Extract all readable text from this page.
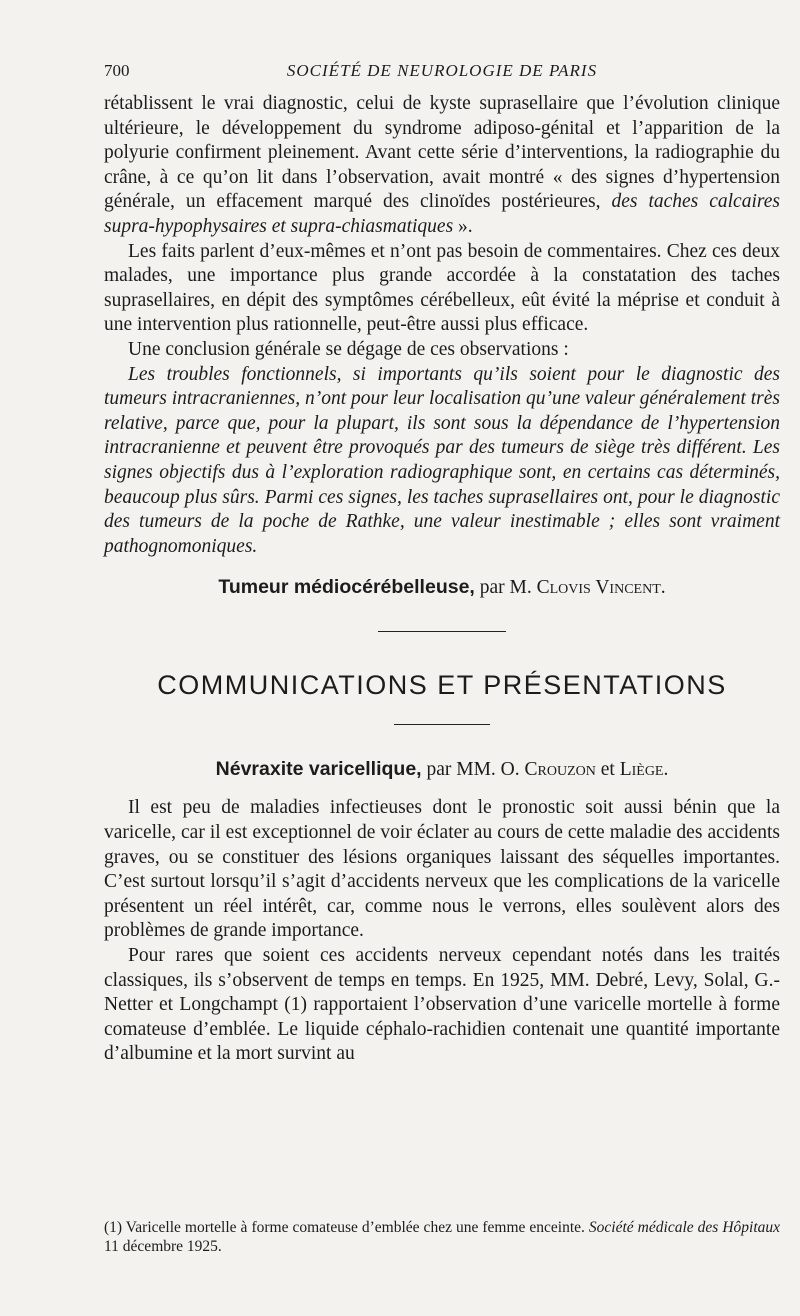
700	SOCIÉTÉ DE NEUROLOGIE DE PARIS

rétablissent le vrai diagnostic, celui de kyste suprasellaire que l’évolution clinique ultérieure, le développement du syndrome adiposo-génital et l’apparition de la polyurie confirment pleinement. Avant cette série d’interventions, la radiographie du crâne, à ce qu’on lit dans l’observation, avait montré « des signes d’hypertension générale, un effacement marqué des clinoïdes postérieures, des taches calcaires supra-hypophysaires et supra-chiasmatiques ».

Les faits parlent d’eux-mêmes et n’ont pas besoin de commentaires. Chez ces deux malades, une importance plus grande accordée à la constatation des taches suprasellaires, en dépit des symptômes cérébelleux, eût évité la méprise et conduit à une intervention plus rationnelle, peut-être aussi plus efficace.

Une conclusion générale se dégage de ces observations :

Les troubles fonctionnels, si importants qu’ils soient pour le diagnostic des tumeurs intracraniennes, n’ont pour leur localisation qu’une valeur généralement très relative, parce que, pour la plupart, ils sont sous la dépendance de l’hypertension intracranienne et peuvent être provoqués par des tumeurs de siège très différent. Les signes objectifs dus à l’exploration radiographique sont, en certains cas déterminés, beaucoup plus sûrs. Parmi ces signes, les taches suprasellaires ont, pour le diagnostic des tumeurs de la poche de Rathke, une valeur inestimable ; elles sont vraiment pathognomoniques.

Tumeur médiocérébelleuse, par M. Clovis Vincent.
COMMUNICATIONS ET PRÉSENTATIONS
Névraxite varicellique, par MM. O. Crouzon et Liège.

Il est peu de maladies infectieuses dont le pronostic soit aussi bénin que la varicelle, car il est exceptionnel de voir éclater au cours de cette maladie des accidents graves, ou se constituer des lésions organiques laissant des séquelles importantes. C’est surtout lorsqu’il s’agit d’accidents nerveux que les complications de la varicelle présentent un réel intérêt, car, comme nous le verrons, elles soulèvent alors des problèmes de grande importance.

Pour rares que soient ces accidents nerveux cependant notés dans les traités classiques, ils s’observent de temps en temps. En 1925, MM. Debré, Levy, Solal, G.-Netter et Longchampt (1) rapportaient l’observation d’une varicelle mortelle à forme comateuse d’emblée. Le liquide céphalo-rachidien contenait une quantité importante d’albumine et la mort survint au

(1) Varicelle mortelle à forme comateuse d’emblée chez une femme enceinte. Société médicale des Hôpitaux 11 décembre 1925.
